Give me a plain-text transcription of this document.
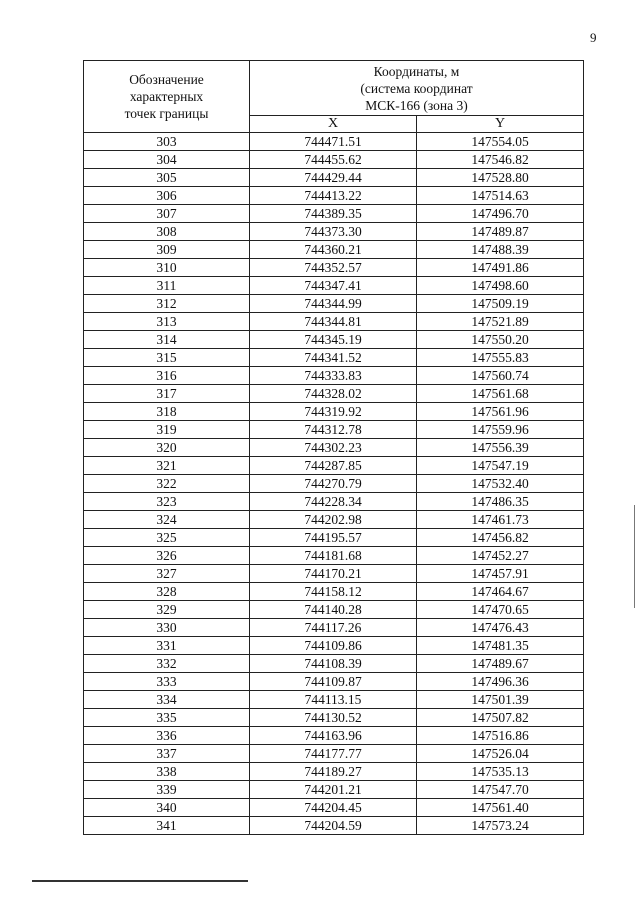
9
Обозначение
характерных
точек границы	Координаты, м
(система координат
МСК-166 (зона 3)	

	X	Y
303	744471.51	147554.05
304	744455.62	147546.82
305	744429.44	147528.80
306	744413.22	147514.63
307	744389.35	147496.70
308	744373.30	147489.87
309	744360.21	147488.39
310	744352.57	147491.86
311	744347.41	147498.60
312	744344.99	147509.19
313	744344.81	147521.89
314	744345.19	147550.20
315	744341.52	147555.83
316	744333.83	147560.74
317	744328.02	147561.68
318	744319.92	147561.96
319	744312.78	147559.96
320	744302.23	147556.39
321	744287.85	147547.19
322	744270.79	147532.40
323	744228.34	147486.35
324	744202.98	147461.73
325	744195.57	147456.82
326	744181.68	147452.27
327	744170.21	147457.91
328	744158.12	147464.67
329	744140.28	147470.65
330	744117.26	147476.43
331	744109.86	147481.35
332	744108.39	147489.67
333	744109.87	147496.36
334	744113.15	147501.39
335	744130.52	147507.82
336	744163.96	147516.86
337	744177.77	147526.04
338	744189.27	147535.13
339	744201.21	147547.70
340	744204.45	147561.40
341	744204.59	147573.24
